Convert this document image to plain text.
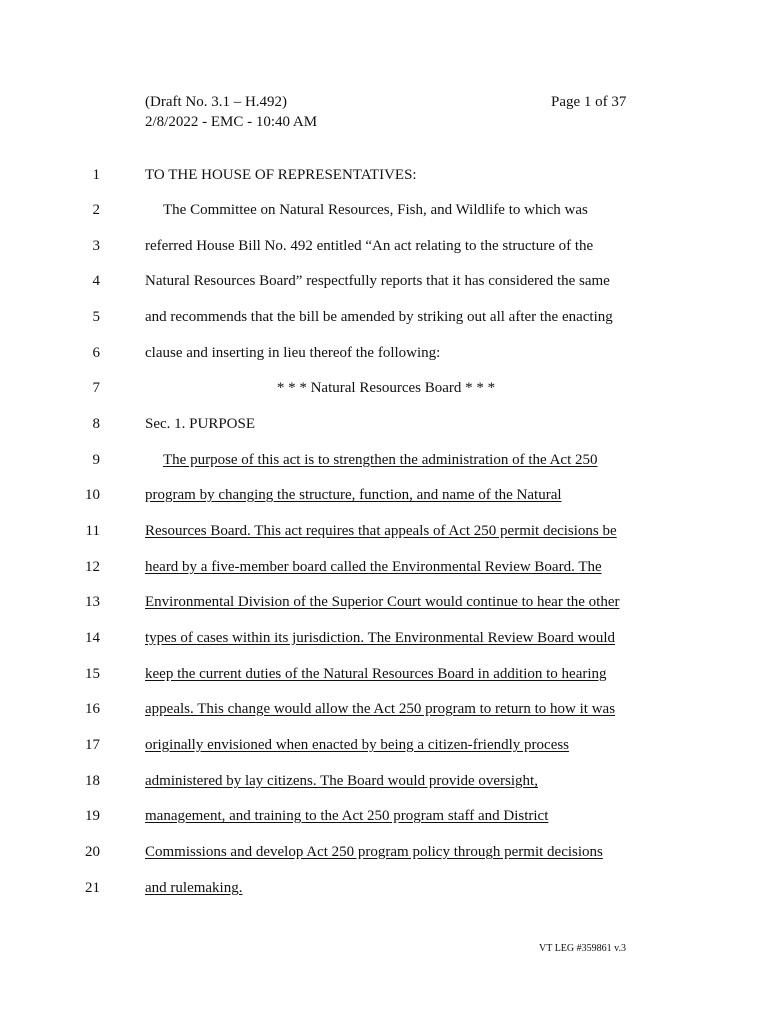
(Draft No. 3.1 – H.492)
2/8/2022 - EMC - 10:40 AM
Page 1 of 37
1	TO THE HOUSE OF REPRESENTATIVES:
2	The Committee on Natural Resources, Fish, and Wildlife to which was
3	referred House Bill No. 492 entitled “An act relating to the structure of the
4	Natural Resources Board” respectfully reports that it has considered the same
5	and recommends that the bill be amended by striking out all after the enacting
6	clause and inserting in lieu thereof the following:
7	* * * Natural Resources Board * * *
8	Sec. 1. PURPOSE
9	The purpose of this act is to strengthen the administration of the Act 250
10	program by changing the structure, function, and name of the Natural
11	Resources Board. This act requires that appeals of Act 250 permit decisions be
12	heard by a five-member board called the Environmental Review Board. The
13	Environmental Division of the Superior Court would continue to hear the other
14	types of cases within its jurisdiction. The Environmental Review Board would
15	keep the current duties of the Natural Resources Board in addition to hearing
16	appeals. This change would allow the Act 250 program to return to how it was
17	originally envisioned when enacted by being a citizen-friendly process
18	administered by lay citizens. The Board would provide oversight,
19	management, and training to the Act 250 program staff and District
20	Commissions and develop Act 250 program policy through permit decisions
21	and rulemaking.
VT LEG #359861 v.3
